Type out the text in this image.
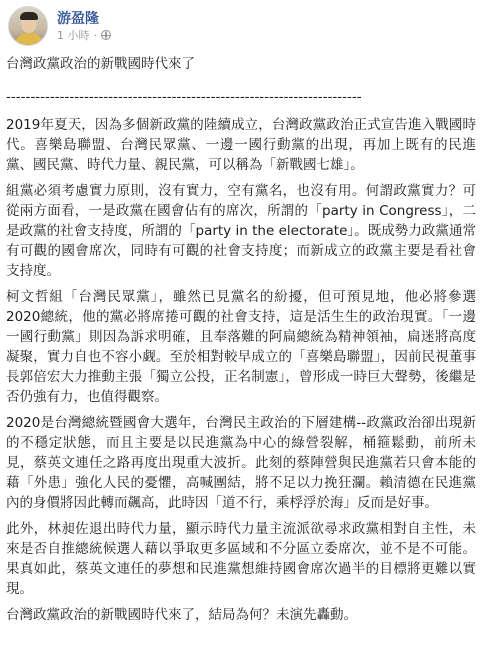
游盈隆
1 小時 ·

台灣政黨政治的新戰國時代來了

-------------------------------------------------------------------------

2019年夏天，因為多個新政黨的陸續成立，台灣政黨政治正式宣告進入戰國時代。喜樂島聯盟、台灣民眾黨、一邊一國行動黨的出現，再加上既有的民進黨、國民黨、時代力量、親民黨，可以稱為「新戰國七雄」。

組黨必須考慮實力原則，沒有實力，空有黨名，也沒有用。何謂政黨實力？可從兩方面看，一是政黨在國會佔有的席次，所謂的「party in Congress」，二是政黨的社會支持度，所謂的「party in the electorate」。既成勢力政黨通常有可觀的國會席次，同時有可觀的社會支持度；而新成立的政黨主要是看社會支持度。

柯文哲組「台灣民眾黨」，雖然已見黨名的紛擾，但可預見地，他必將參選2020總統，他的黨必將席捲可觀的社會支持，這是活生生的政治現實。「一邊一國行動黨」則因為訴求明確，且奉落難的阿扁總統為精神領袖，扁迷將高度凝聚，實力自也不容小觑。至於相對較早成立的「喜樂島聯盟」，因前民視董事長郭倍宏大力推動主張「獨立公投，正名制憲」，曾形成一時巨大聲勢，後繼是否仍強有力，也值得觀察。

2020是台灣總統暨國會大選年，台灣民主政治的下層建構--政黨政治卻出現新的不穩定狀態，而且主要是以民進黨為中心的綠營裂解，桶箍鬆動，前所未見，蔡英文連任之路再度出現重大波折。此刻的蔡陣營與民進黨若只會本能的藉「外患」強化人民的憂懼，高喊團結，將不足以力挽狂瀾。賴清德在民進黨內的身價將因此轉而飆高，此時因「道不行，乘桴浮於海」反而是好事。

此外，林昶佐退出時代力量，顯示時代力量主流派欲尋求政黨相對自主性，未來是否自推總統候選人藉以爭取更多區域和不分區立委席次，並不是不可能。果真如此，蔡英文連任的夢想和民進黨想維持國會席次過半的目標將更難以實現。

台灣政黨政治的新戰國時代來了，結局為何？未演先轟動。
